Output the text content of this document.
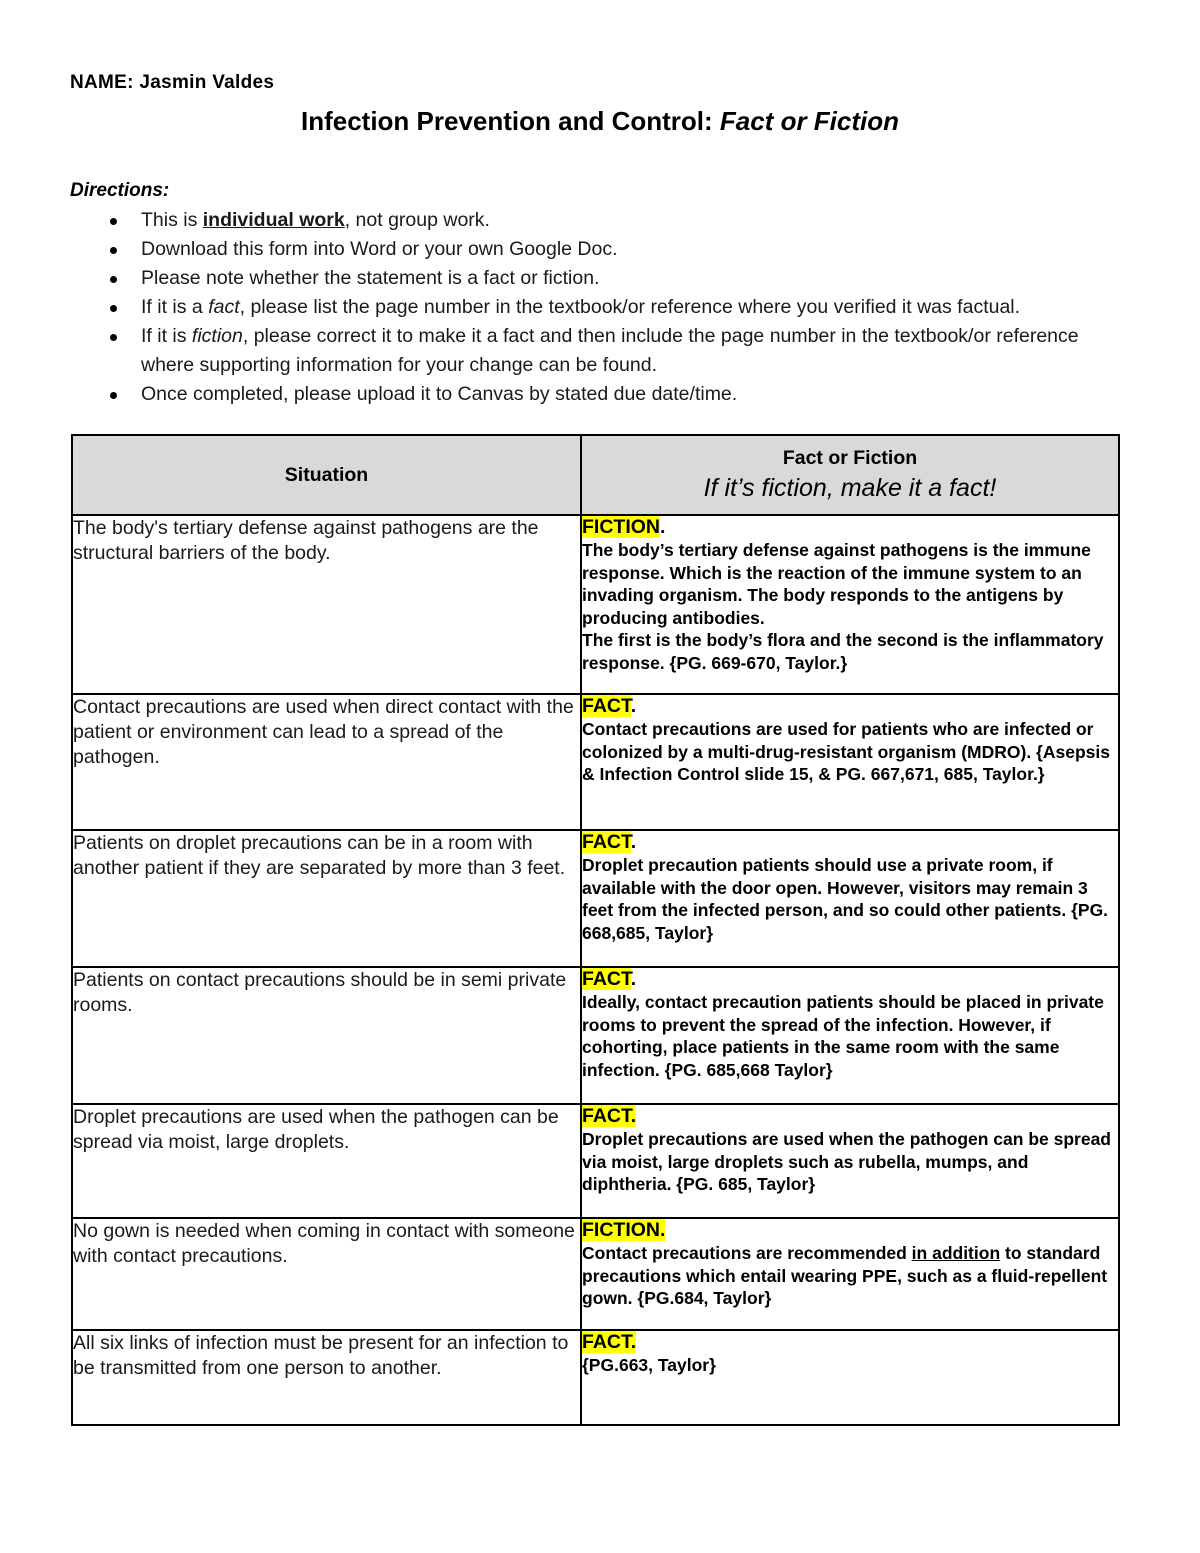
NAME: Jasmin Valdes
Infection Prevention and Control: Fact or Fiction
Directions:
This is individual work, not group work.
Download this form into Word or your own Google Doc.
Please note whether the statement is a fact or fiction.
If it is a fact, please list the page number in the textbook/or reference where you verified it was factual.
If it is fiction, please correct it to make it a fact and then include the page number in the textbook/or reference where supporting information for your change can be found.
Once completed, please upload it to Canvas by stated due date/time.
Situation	Fact or Fiction
If it’s fiction, make it a fact!

The body's tertiary defense against pathogens are the structural barriers of the body.	FICTION.
The body’s tertiary defense against pathogens is the immune response. Which is the reaction of the immune system to an invading organism. The body responds to the antigens by producing antibodies.
The first is the body’s flora and the second is the inflammatory response. {PG. 669-670, Taylor.}

Contact precautions are used when direct contact with the patient or environment can lead to a spread of the pathogen.	FACT.
Contact precautions are used for patients who are infected or colonized by a multi-drug-resistant organism (MDRO). {Asepsis & Infection Control slide 15, & PG. 667,671, 685, Taylor.}

Patients on droplet precautions can be in a room with another patient if they are separated by more than 3 feet.	FACT.
Droplet precaution patients should use a private room, if available with the door open. However, visitors may remain 3 feet from the infected person, and so could other patients. {PG. 668,685, Taylor}

Patients on contact precautions should be in semi private rooms.	FACT.
Ideally, contact precaution patients should be placed in private rooms to prevent the spread of the infection. However, if cohorting, place patients in the same room with the same infection. {PG. 685,668 Taylor}

Droplet precautions are used when the pathogen can be spread via moist, large droplets.	FACT.
Droplet precautions are used when the pathogen can be spread via moist, large droplets such as rubella, mumps, and diphtheria. {PG. 685, Taylor}

No gown is needed when coming in contact with someone with contact precautions.	FICTION.
Contact precautions are recommended in addition to standard precautions which entail wearing PPE, such as a fluid-repellent gown. {PG.684, Taylor}

All six links of infection must be present for an infection to be transmitted from one person to another.	FACT.
{PG.663, Taylor}
